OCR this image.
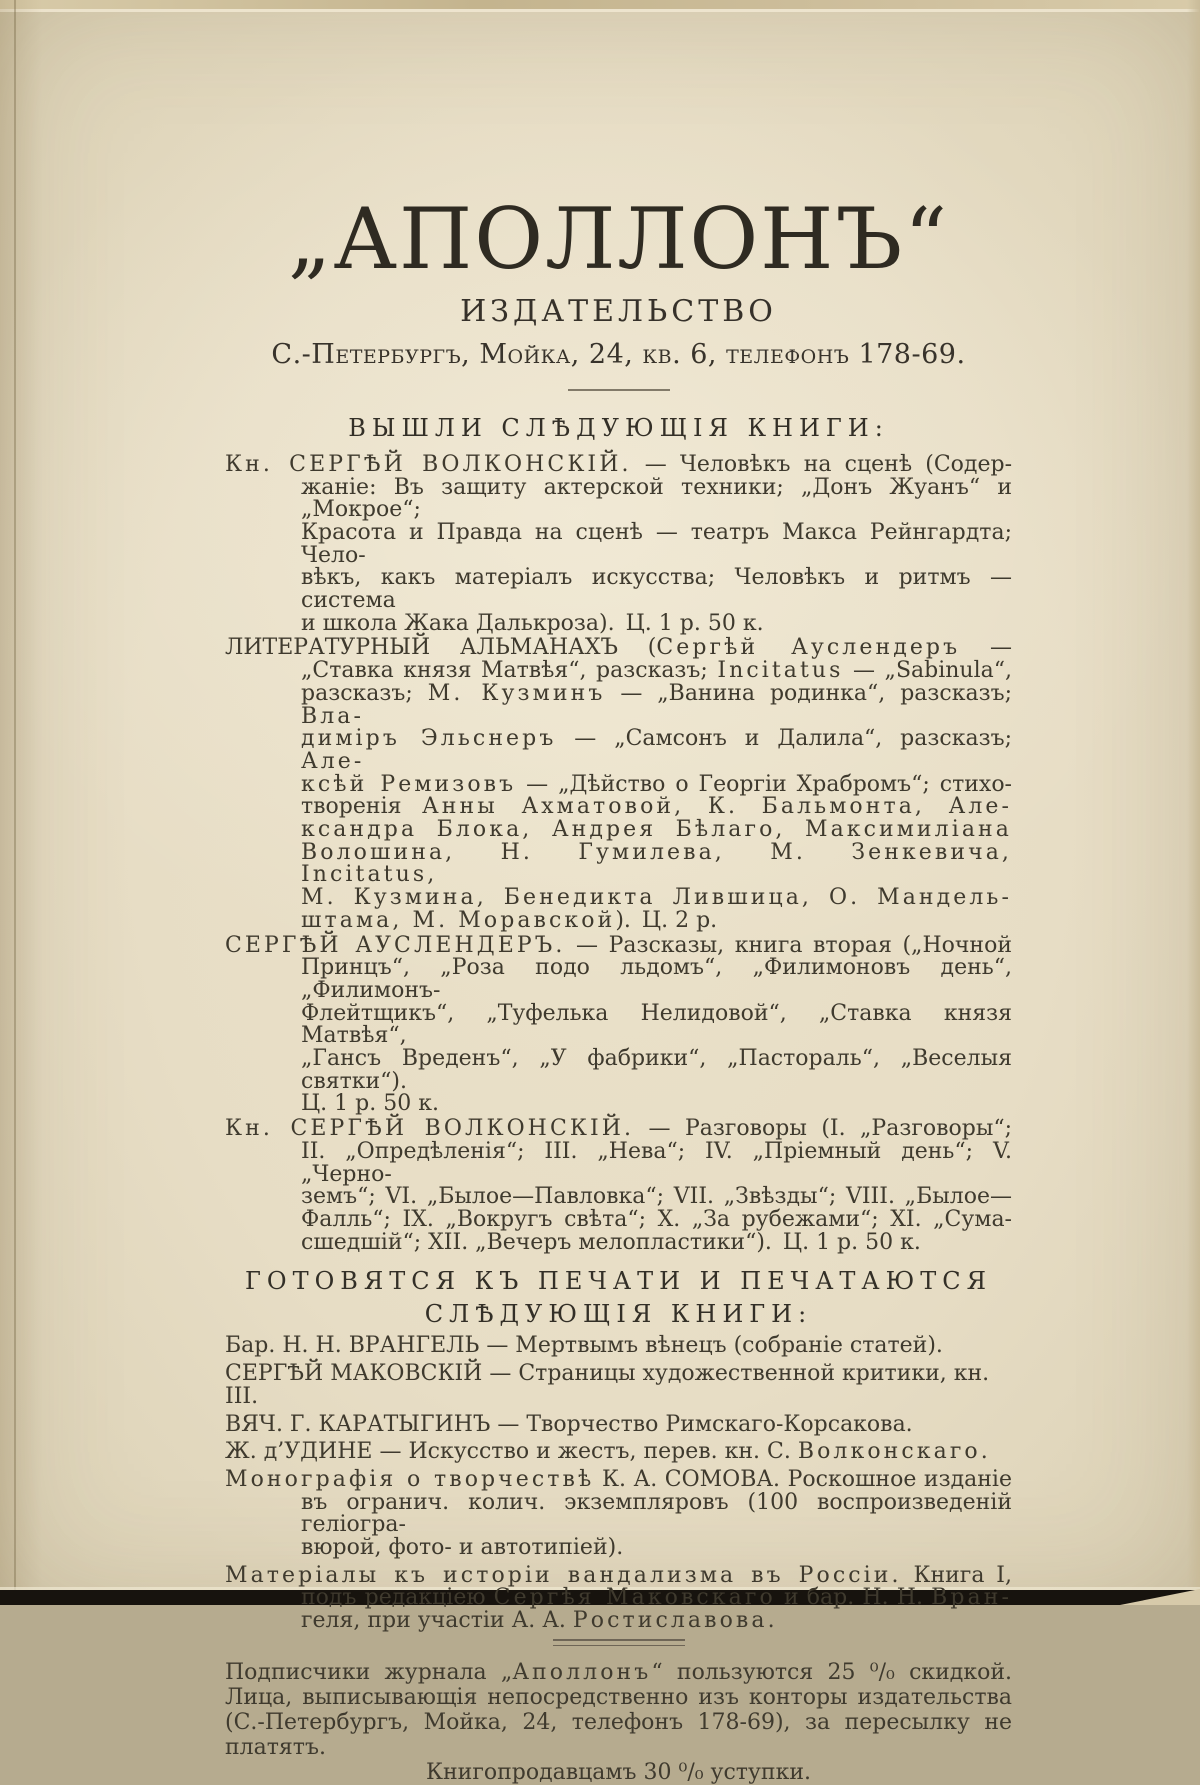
„АПОЛЛОНЪ“
ИЗДАТЕЛЬСТВО
С.-Петербургъ, Мойка, 24, кв. 6, телефонъ 178-69.
ВЫШЛИ СЛѢДУЮЩІЯ КНИГИ:
Кн. СЕРГѢЙ ВОЛКОНСКІЙ. — Человѣкъ на сценѣ (Содер-
жаніе: Въ защиту актерской техники; „Донъ Жуанъ“ и „Мокрое“;
Красота и Правда на сценѣ — театръ Макса Рейнгардта; Чело-
вѣкъ, какъ матеріалъ искусства; Человѣкъ и ритмъ — система
и школа Жака Далькроза). Ц. 1 р. 50 к.
ЛИТЕРАТУРНЫЙ АЛЬМАНАХЪ (Сергѣй Ауслендеръ —
„Ставка князя Матвѣя“, разсказъ; Incitatus — „Sabinula“,
разсказъ; М. Кузминъ — „Ванина родинка“, разсказъ; Вла-
диміръ Эльснеръ — „Самсонъ и Далила“, разсказъ; Але-
ксѣй Ремизовъ — „Дѣйство о Георгіи Храбромъ“; стихо-
творенія Анны Ахматовой, К. Бальмонта, Але-
ксандра Блока, Андрея Бѣлаго, Максимиліана
Волошина, Н. Гумилева, М. Зенкевича, Incitatus,
М. Кузмина, Бенедикта Лившица, О. Мандель-
штама, М. Моравской). Ц. 2 р.
СЕРГѢЙ АУСЛЕНДЕРЪ. — Разсказы, книга вторая („Ночной
Принцъ“, „Роза подо льдомъ“, „Филимоновъ день“, „Филимонъ-
Флейтщикъ“, „Туфелька Нелидовой“, „Ставка князя Матвѣя“,
„Гансъ Вреденъ“, „У фабрики“, „Пастораль“, „Веселыя святки“).
Ц. 1 р. 50 к.
Кн. СЕРГѢЙ ВОЛКОНСКІЙ. — Разговоры (I. „Разговоры“;
II. „Опредѣленія“; III. „Нева“; IV. „Пріемный день“; V. „Черно-
земъ“; VI. „Былое—Павловка“; VII. „Звѣзды“; VIII. „Былое—
Фалль“; IX. „Вокругъ свѣта“; X. „За рубежами“; XI. „Сума-
сшедшій“; XII. „Вечеръ мелопластики“). Ц. 1 р. 50 к.
ГОТОВЯТСЯ КЪ ПЕЧАТИ И ПЕЧАТАЮТСЯ
СЛѢДУЮЩІЯ КНИГИ:
Бар. Н. Н. ВРАНГЕЛЬ — Мертвымъ вѣнецъ (собраніе статей).
СЕРГѢЙ МАКОВСКІЙ — Страницы художественной критики, кн. III.
ВЯЧ. Г. КАРАТЫГИНЪ — Творчество Римскаго-Корсакова.
Ж. д’УДИНЕ — Искусство и жестъ, перев. кн. С. Волконскаго.
Монографія о творчествѣ К. А. СОМОВА. Роскошное изданіе
въ огранич. колич. экземпляровъ (100 воспроизведеній геліогра-
вюрой, фото- и автотипіей).
Матеріалы къ исторіи вандализма въ Россіи. Книга I,
подъ редакціею Сергѣя Маковскаго и бар. Н. Н. Вран-
геля, при участіи А. А. Ростиславова.
Подписчики журнала „Аполлонъ“ пользуются 25 ⁰/₀ скидкой.
Лица, выписывающія непосредственно изъ конторы издательства
(С.-Петербургъ, Мойка, 24, телефонъ 178-69), за пересылку не платятъ.
Книгопродавцамъ 30 ⁰/₀ уступки.
